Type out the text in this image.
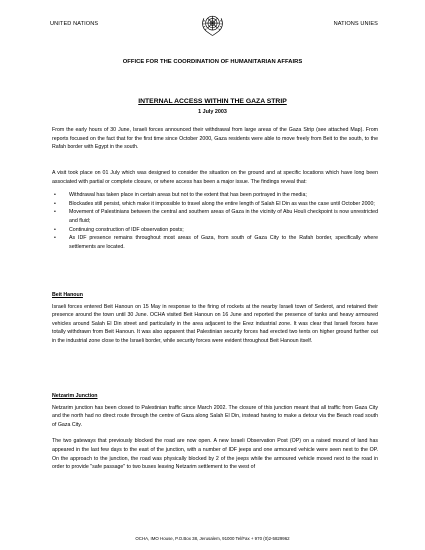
UNITED NATIONS	NATIONS UNIES
OFFICE FOR THE COORDINATION OF HUMANITARIAN AFFAIRS
INTERNAL ACCESS WITHIN THE GAZA STRIP
1 July 2003

From the early hours of 30 June, Israeli forces announced their withdrawal from large areas of the Gaza Strip (see attached Map). From reports focused on the fact that for the first time since October 2000, Gaza residents were able to move freely from Beit to the south, to the Rafah border with Egypt in the south.

A visit took place on 01 July which was designed to consider the situation on the ground and at specific locations which have long been associated with partial or complete closure, or where access has been a major issue. The findings reveal that:

•	Withdrawal has taken place in certain areas but not to the extent that has been portrayed in the media;
•	Blockades still persist, which make it impossible to travel along the entire length of Salah El Din as was the case until October 2000;
•	Movement of Palestinians between the central and southern areas of Gaza in the vicinity of Abu Houli checkpoint is now unrestricted and fluid;
•	Continuing construction of IDF observation posts;
•	As IDF presence remains throughout most areas of Gaza, from south of Gaza City to the Rafah border, specifically where settlements are located.

Beit Hanoun

Israeli forces entered Beit Hanoun on 15 May in response to the firing of rockets at the nearby Israeli town of Sederot, and retained their presence around the town until 30 June. OCHA visited Beit Hanoun on 16 June and reported the presence of tanks and heavy armoured vehicles around Salah El Din street and particularly in the area adjacent to the Erez industrial zone. It was clear that Israeli forces have totally withdrawn from Beit Hanoun. It was also apparent that Palestinian security forces had erected two tents on higher ground further out in the industrial zone close to the Israeli border, while security forces were evident throughout Beit Hanoun itself.

Netzarim Junction

Netzarim junction has been closed to Palestinian traffic since March 2002. The closure of this junction meant that all traffic from Gaza City and the north had no direct route through the centre of Gaza along Salah El Din, instead having to make a detour via the Beach road south of Gaza City.

The two gateways that previously blocked the road are now open. A new Israeli Observation Post (OP) on a raised mound of land has appeared in the last few days to the east of the junction, with a number of IDF jeeps and one armoured vehicle were seen next to the OP. On the approach to the junction, the road was physically blocked by 2 of the jeeps while the armoured vehicle moved next to the road in order to provide "safe passage" to two buses leaving Netzarim settlement to the west of

OCHA, IMO House, P.O.Box 38, Jerusalem, 91000 Tel/Fax + 970 (0)2-5829962
